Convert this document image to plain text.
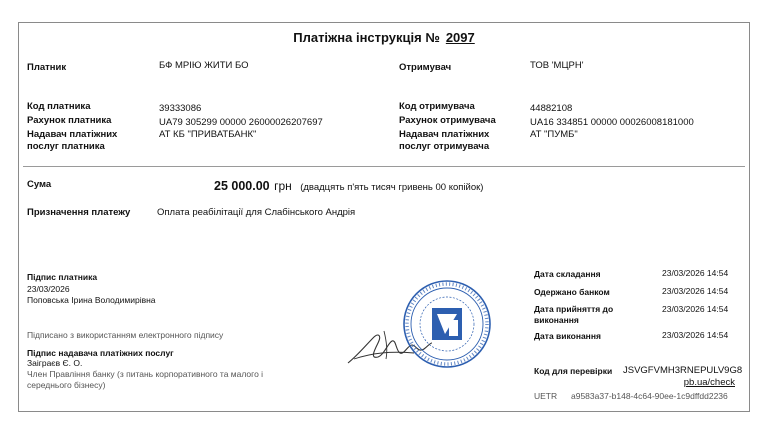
Платіжна інструкція № 2097
Платник	БФ МРІЮ ЖИТИ БО	Отримувач	ТОВ 'МЦРН'
Код платника	39333086
Рахунок платника	UA79 305299 00000 26000026207697
Надавач платіжних послуг платника
АТ КБ "ПРИВАТБАНК"
Код отримувача	44882108
Рахунок отримувача	UA16 334851 00000 00026008181000
Надавач платіжних послуг отримувача
АТ "ПУМБ"
Сума	25 000.00 грн (двадцять п'ять тисяч гривень 00 копійок)
Призначення платежу	Оплата реабілітації для Слабінського Андрія
Підпис платника
23/03/2026
Поповська Ірина Володимирівна
Підписано з використанням електронного підпису
Підпис надавача платіжних послуг
Заіграєв Є. О.
Член Правління банку (з питань корпоративного та малого і середнього бізнесу)
Дата складання	23/03/2026 14:54
Одержано банком	23/03/2026 14:54
Дата прийняття до виконання
23/03/2026 14:54
Дата виконання	23/03/2026 14:54
Код для перевірки JSVGFVMH3RNEPULV9G8
pb.ua/check
UETR a9583a37-b148-4c64-90ee-1c9dffdd2236
